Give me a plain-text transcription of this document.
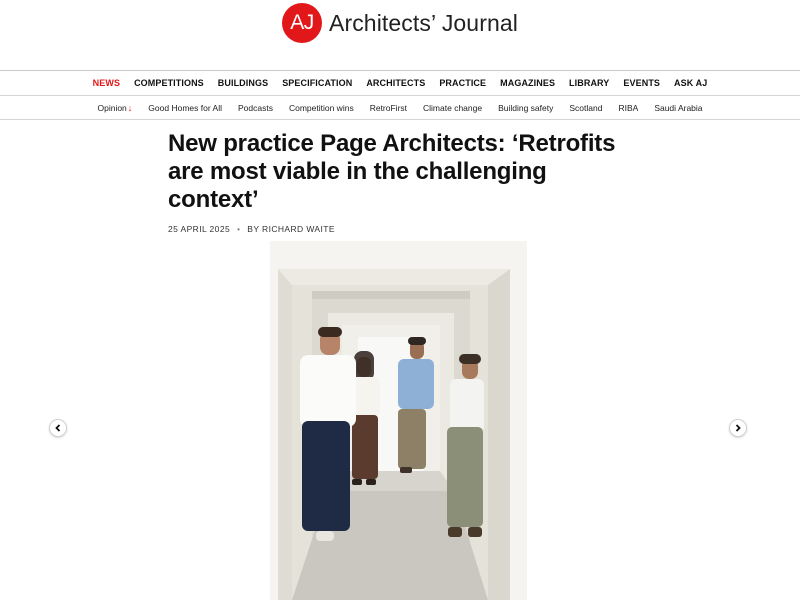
AJ Architects’ Journal
NEWS COMPETITIONS BUILDINGS SPECIFICATION ARCHITECTS PRACTICE MAGAZINES LIBRARY EVENTS ASK AJ
Opinion↓ Good Homes for All Podcasts Competition wins RetroFirst Climate change Building safety Scotland RIBA Saudi Arabia
New practice Page Architects: ‘Retrofits are most viable in the challenging context’
25 APRIL 2025 • BY RICHARD WAITE
